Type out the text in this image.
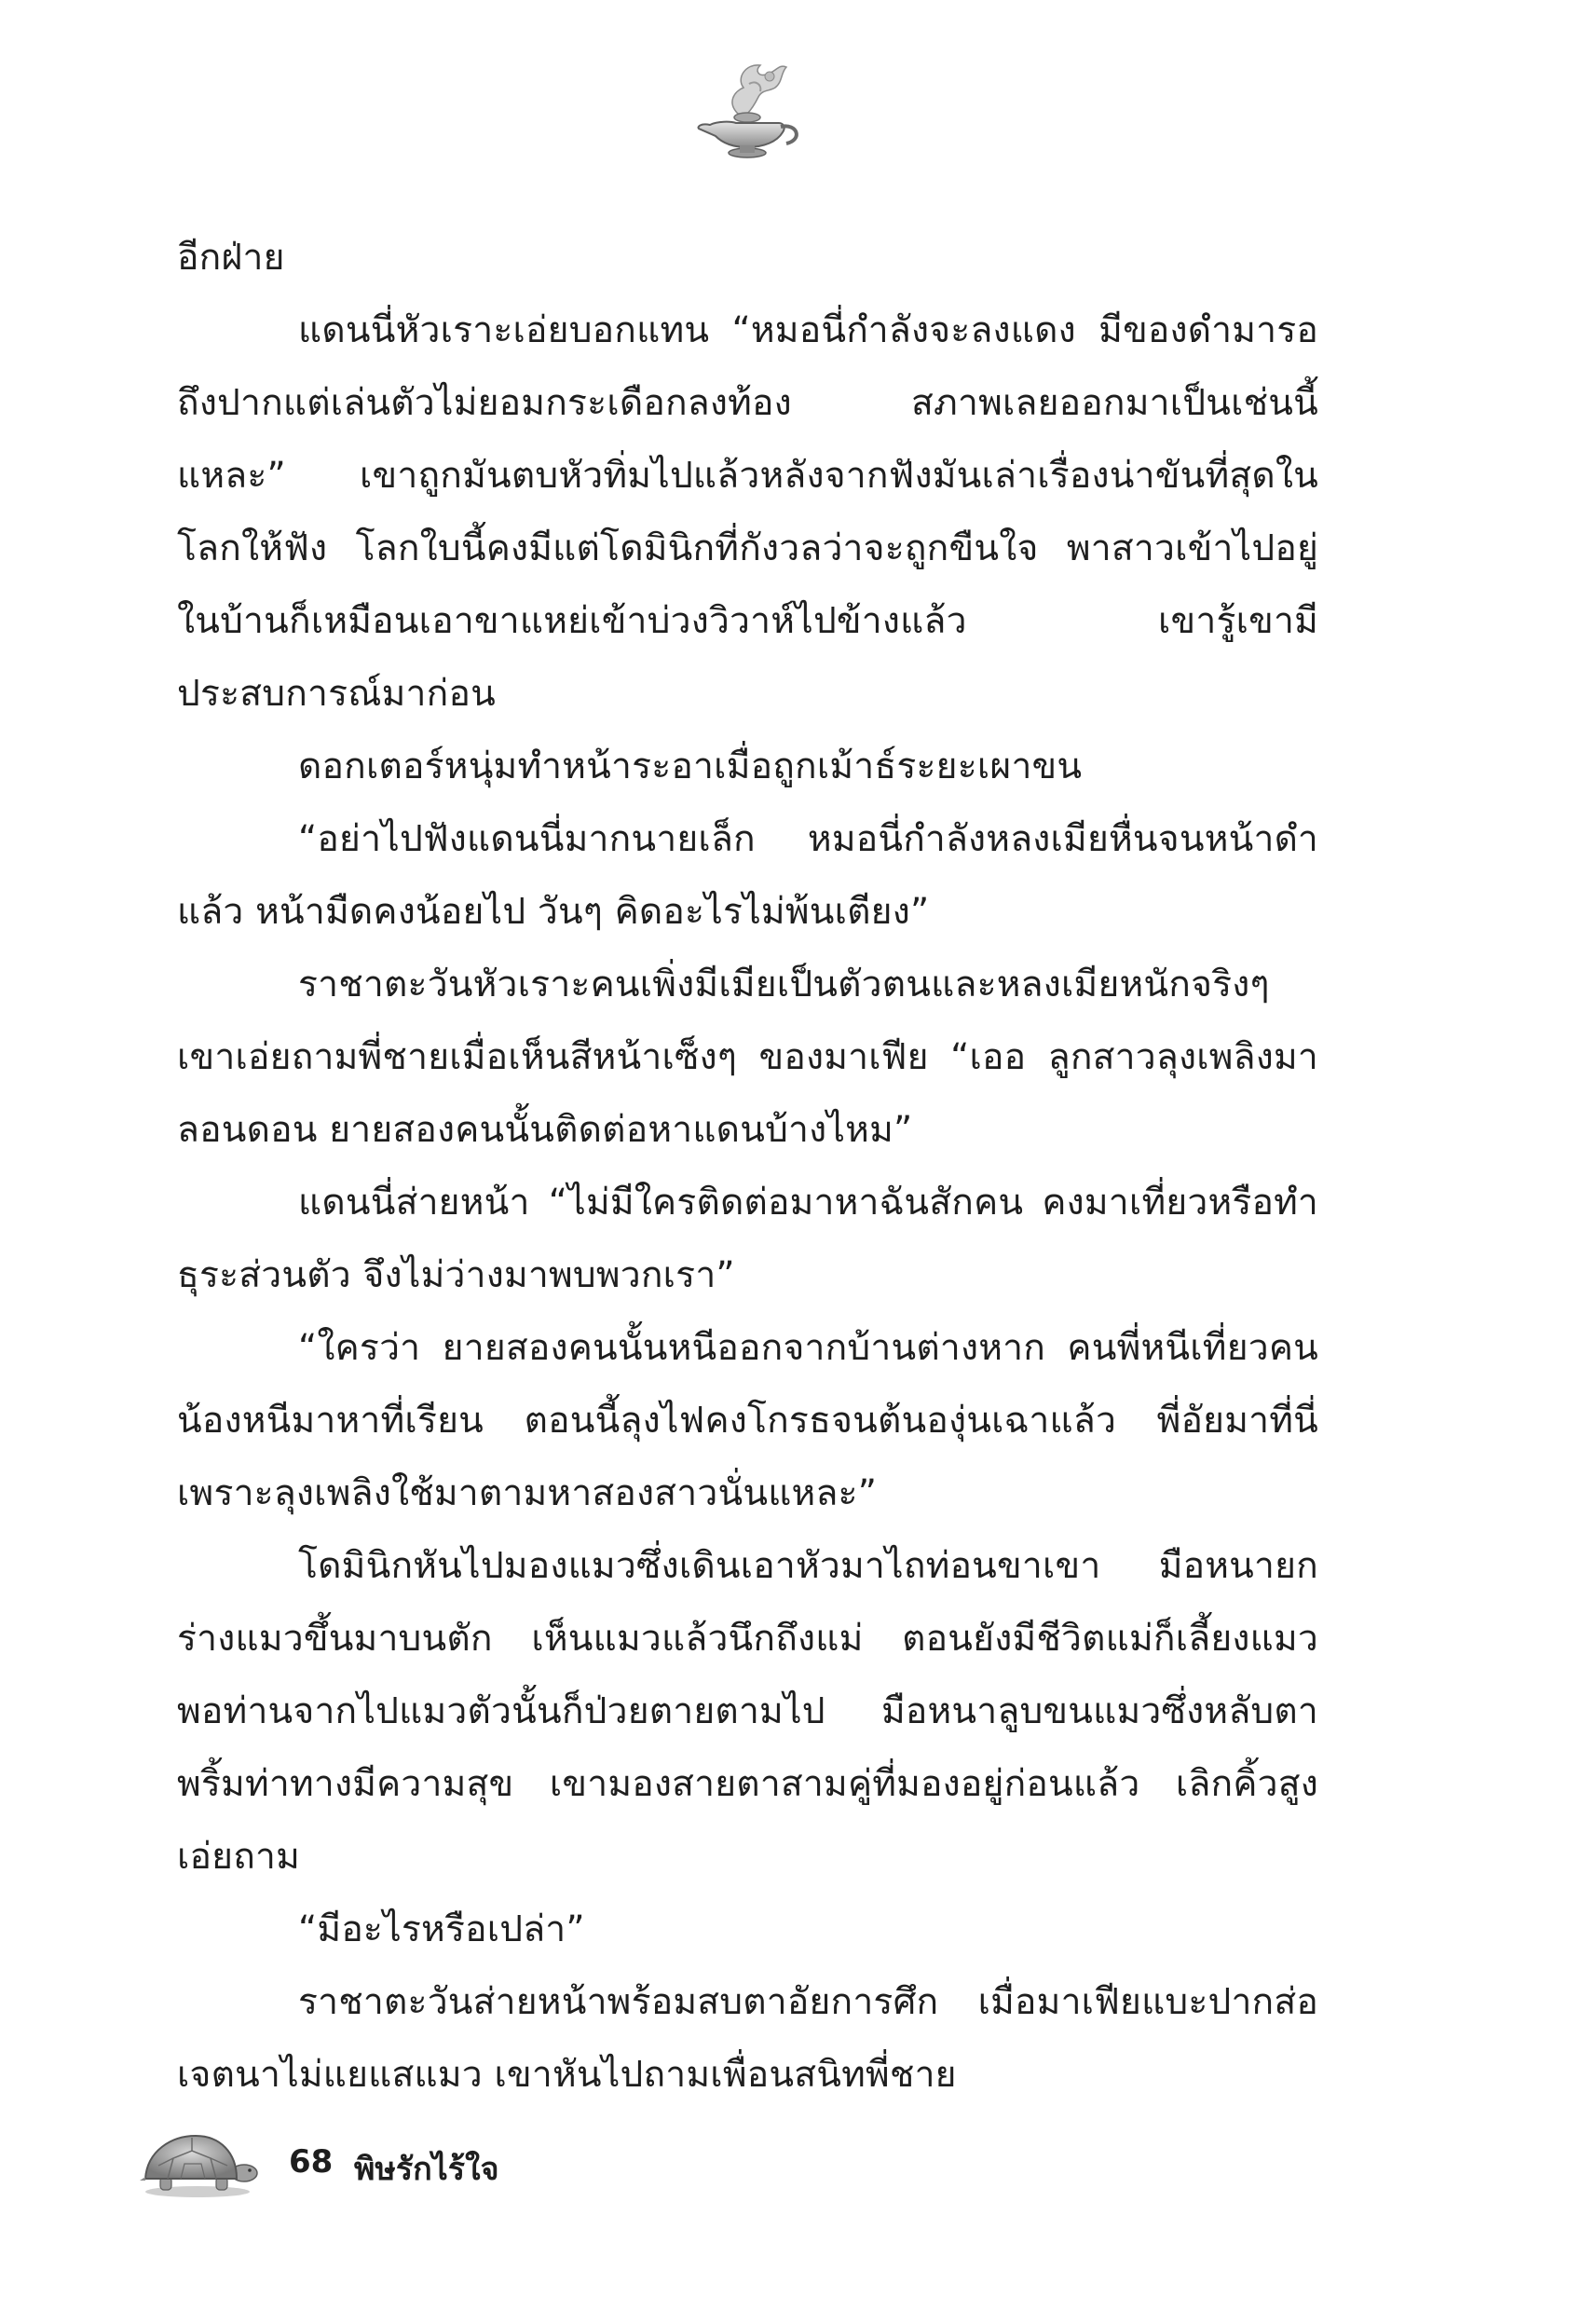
อีกฝ่าย

แดนนี่หัวเราะเอ่ยบอกแทน “หมอนี่กำลังจะลงแดง มีของดำมารอถึงปากแต่เล่นตัวไม่ยอมกระเดือกลงท้อง สภาพเลยออกมาเป็นเช่นนี้แหละ” เขาถูกมันตบหัวทิ่มไปแล้วหลังจากฟังมันเล่าเรื่องน่าขันที่สุดในโลกให้ฟัง โลกใบนี้คงมีแต่โดมินิกที่กังวลว่าจะถูกขืนใจ พาสาวเข้าไปอยู่ในบ้านก็เหมือนเอาขาแหย่เข้าบ่วงวิวาห์ไปข้างแล้ว เขารู้เขามีประสบการณ์มาก่อน

ดอกเตอร์หนุ่มทำหน้าระอาเมื่อถูกเม้าธ์ระยะเผาขน

“อย่าไปฟังแดนนี่มากนายเล็ก หมอนี่กำลังหลงเมียหื่นจนหน้าดำแล้ว หน้ามืดคงน้อยไป วันๆ คิดอะไรไม่พ้นเตียง”

ราชาตะวันหัวเราะคนเพิ่งมีเมียเป็นตัวตนและหลงเมียหนักจริงๆ เขาเอ่ยถามพี่ชายเมื่อเห็นสีหน้าเซ็งๆ ของมาเฟีย “เออ ลูกสาวลุงเพลิงมาลอนดอน ยายสองคนนั้นติดต่อหาแดนบ้างไหม”

แดนนี่ส่ายหน้า “ไม่มีใครติดต่อมาหาฉันสักคน คงมาเที่ยวหรือทำธุระส่วนตัว จึงไม่ว่างมาพบพวกเรา”

“ใครว่า ยายสองคนนั้นหนีออกจากบ้านต่างหาก คนพี่หนีเที่ยวคนน้องหนีมาหาที่เรียน ตอนนี้ลุงไฟคงโกรธจนต้นองุ่นเฉาแล้ว พี่อัยมาที่นี่เพราะลุงเพลิงใช้มาตามหาสองสาวนั่นแหละ”

โดมินิกหันไปมองแมวซึ่งเดินเอาหัวมาไถท่อนขาเขา มือหนายกร่างแมวขึ้นมาบนตัก เห็นแมวแล้วนึกถึงแม่ ตอนยังมีชีวิตแม่ก็เลี้ยงแมว พอท่านจากไปแมวตัวนั้นก็ป่วยตายตามไป มือหนาลูบขนแมวซึ่งหลับตาพริ้มท่าทางมีความสุข เขามองสายตาสามคู่ที่มองอยู่ก่อนแล้ว เลิกคิ้วสูงเอ่ยถาม

“มีอะไรหรือเปล่า”

ราชาตะวันส่ายหน้าพร้อมสบตาอัยการศึก เมื่อมาเฟียแบะปากส่อเจตนาไม่แยแสแมว เขาหันไปถามเพื่อนสนิทพี่ชาย

68 พิษรักไร้ใจ
